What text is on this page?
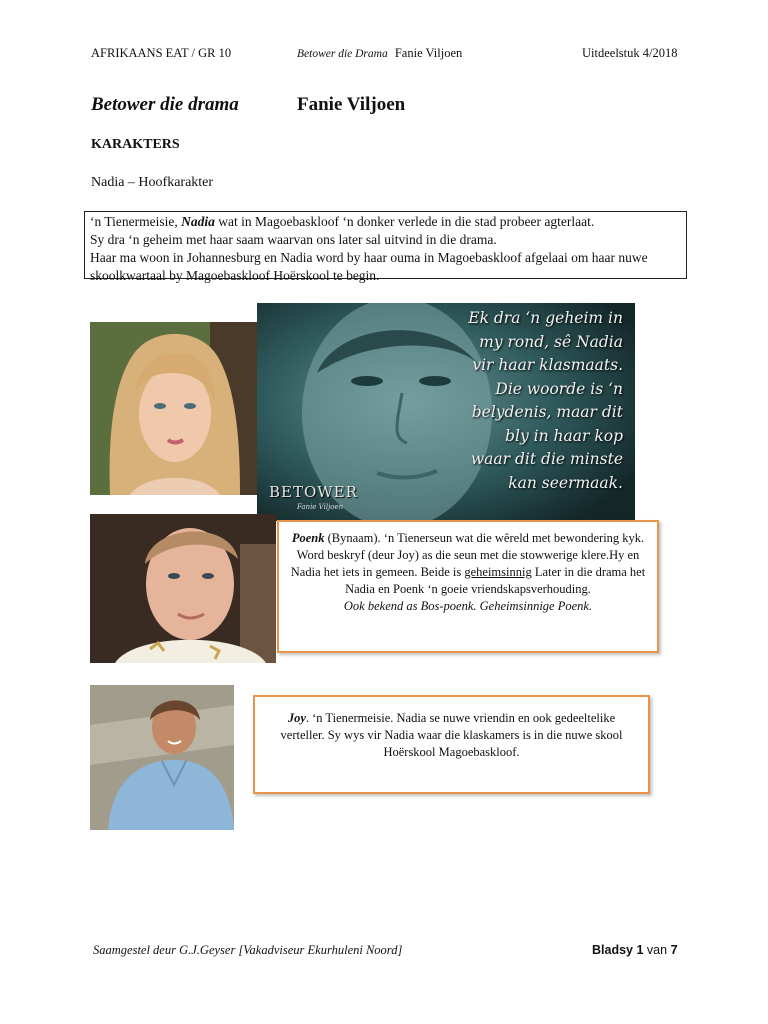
AFRIKAANS EAT / GR 10	Betower die Drama Fanie Viljoen	Uitdeelstuk 4/2018
Betower die drama	Fanie Viljoen
KARAKTERS
Nadia – Hoofkarakter
‘n Tienermeisie, Nadia wat in Magoebaskloof ‘n donker verlede in die stad probeer agterlaat.
Sy dra ‘n geheim met haar saam waarvan ons later sal uitvind in die drama.
Haar ma woon in Johannesburg en Nadia word by haar ouma in Magoebaskloof afgelaai om haar nuwe skoolkwartaal by Magoebaskloof Hoërskool te begin.
Ek dra ‘n geheim in
my rond, sê Nadia
vir haar klasmaats.
Die woorde is ‘n
belydenis, maar dit
bly in haar kop
waar dit die minste
kan seermaak.
BETOWER
Fanie Viljoen
Poenk (Bynaam). ‘n Tienerseun wat die wêreld met bewondering kyk. Word beskryf (deur Joy) as die seun met die stowwerige klere.Hy en Nadia het iets in gemeen. Beide is geheimsinnig Later in die drama het Nadia en Poenk ‘n goeie vriendskapsverhouding.
Ook bekend as Bos-poenk. Geheimsinnige Poenk.
Joy. ‘n Tienermeisie. Nadia se nuwe vriendin en ook gedeeltelike verteller. Sy wys vir Nadia waar die klaskamers is in die nuwe skool Hoërskool Magoebaskloof.
Saamgestel deur G.J.Geyser [Vakadviseur Ekurhuleni Noord]	Bladsy 1 van 7
